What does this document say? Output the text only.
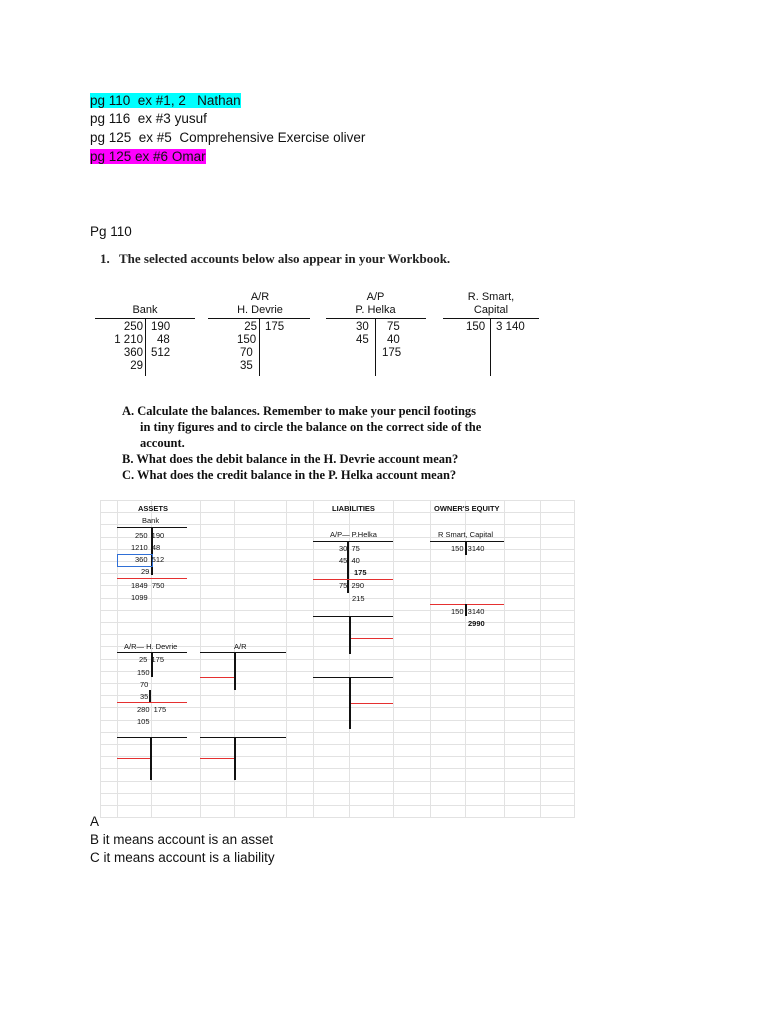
pg 110  ex #1, 2   Nathan
pg 116  ex #3 yusuf
pg 125  ex #5  Comprehensive Exercise oliver
pg 125 ex #6 Omar
Pg 110
1. The selected accounts below also appear in your Workbook.
Bank
250
1 210
360
29
190
48
512
A/R
H. Devrie
25
150
70
35
175
A/P
P. Helka
30
45
75
40
175
R. Smart,
Capital
150 3 140
A. Calculate the balances. Remember to make your pencil footings
in tiny figures and to circle the balance on the correct side of the
account.
B. What does the debit balance in the H. Devrie account mean?
C. What does the credit balance in the P. Helka account mean?
ASSETS	LIABILITIES	OWNER'S EQUITY
Bank
250  190
1210  48
360  512
29
1849  750
1099
A/P— P.Helka
30  75
45  40
175
75  290
215
R Smart, Capital
150  3140
150  3140
2990
A/R— H. Devrie
25  175
150
70
35
280  175
105
A/R
A
B it means account is an asset
C it means account is a liability
